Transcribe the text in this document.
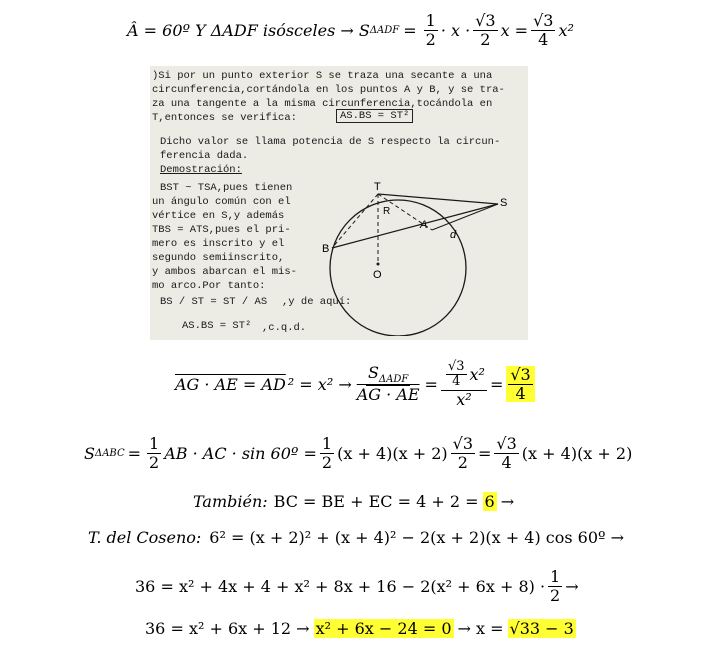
Â = 60º Y ΔADF isósceles → S $\Delta ADF = \frac{1}{2} \cdot x \cdot \frac{√3}{2}$ $x = \frac{√3}{4} x^2$
)Si por un punto exterior S se traza una secante a una
circunferencia,cortándola en los puntos A y B, y se tra-
za una tangente a la misma circunferencia,tocándola en
T,entonces se verifica:	AS.BS = ST²
Dicho valor se llama potencia de S respecto la circun-
ferencia dada.
Demostración:
BST ~ TSA,pues tienen
un ángulo común con el
vértice en S,y además
TBS = ATS,pues el pri-
mero es inscrito y el
segundo semiinscrito,
y ambos abarcan el mis-
mo arco.Por tanto:
BS / ST = ST / AS ,y de aquí:
AS.BS = ST² ,c.q.d.
T
S
R
A
d
B
O
AG · AE = AD $^2 = x^2 \to \frac{S_{\Delta ADF}}{AG \cdot AE} = \frac{\frac{√3}{4} x^2}{\text{x²}} = \frac{√3}{4}$
S $\Delta ABC = \frac{1}{2}$ AB · AC · sin 60º = $\frac{1}{2} (x + 4)(x + 2) \frac{√3}{2} = \frac{√3}{4} (x + 4)(x + 2)$
También: BC = BE + EC = 4 + 2 = 6 →
T. del Coseno: 6² = (x + 2)² + (x + 4)² − 2(x + 2)(x + 4) cos 60º →
$36 = x^2 + 4x + 4 + x^2 + 8x + 16 - 2(x^2 + 6x + 8) \cdot \frac{1}{2}$ →
36 = x² + 6x + 12 → x² + 6x − 24 = 0 → x = √33 − 3
